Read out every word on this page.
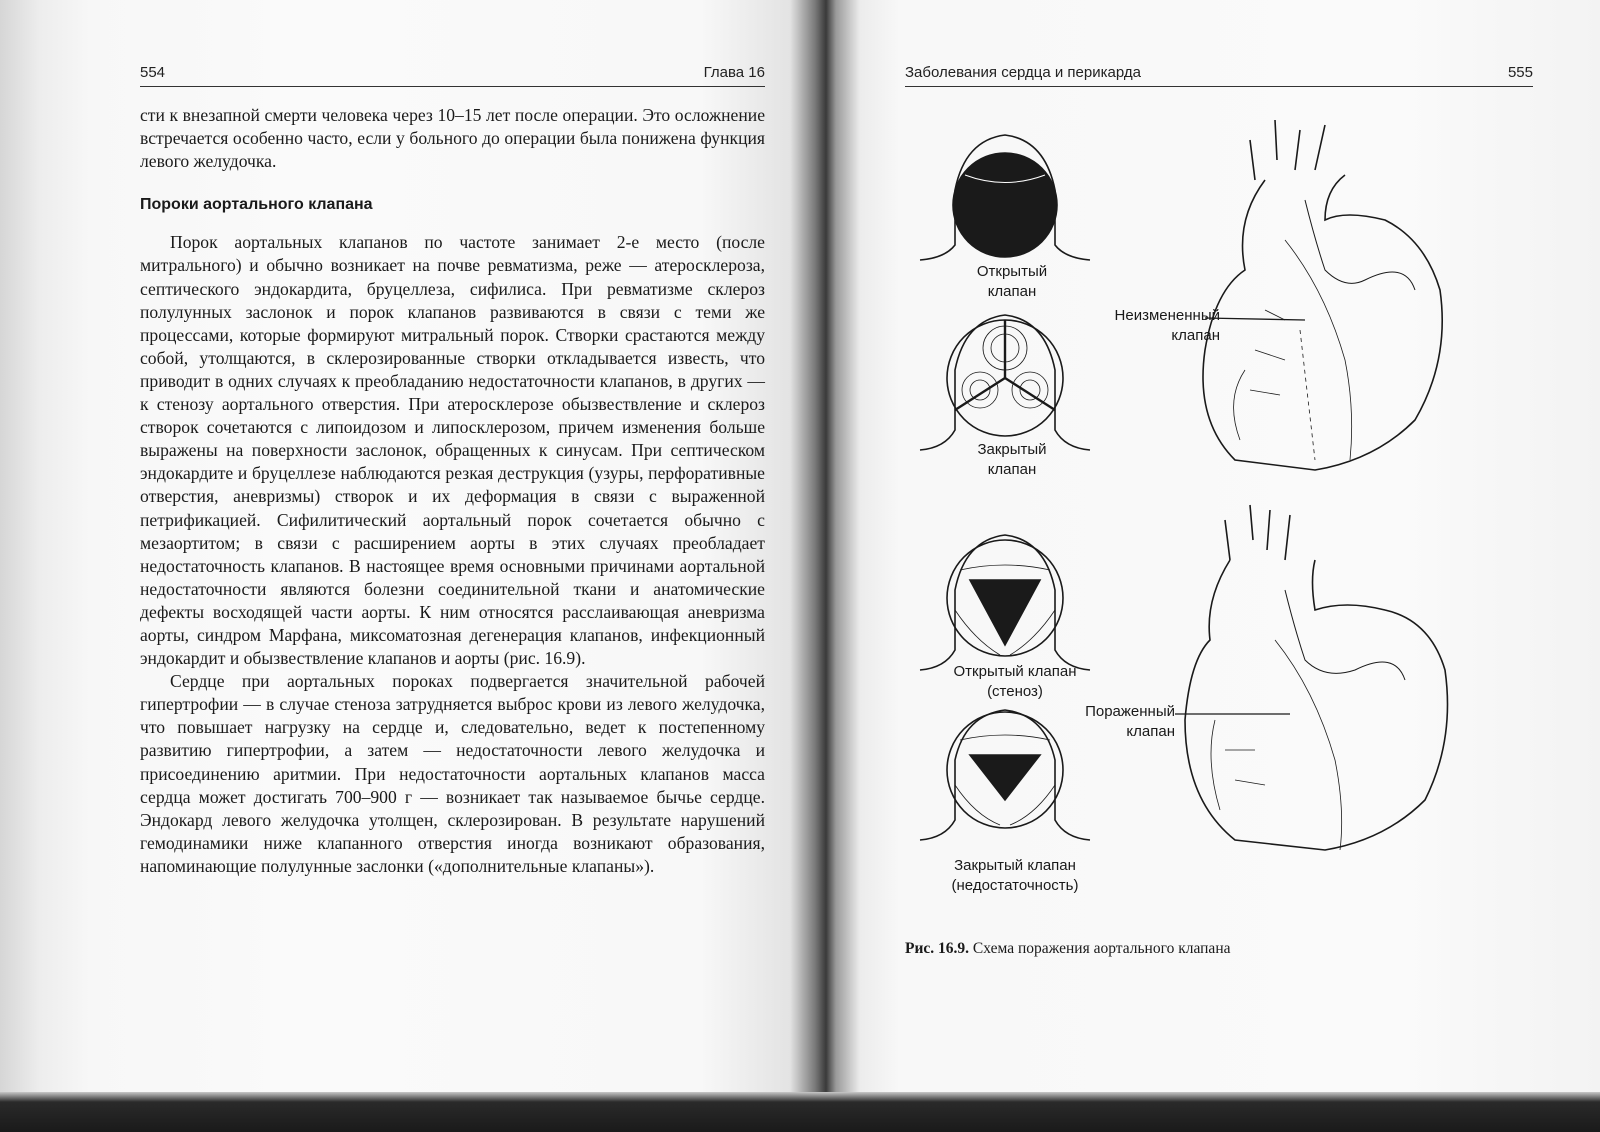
554	Глава 16

сти к внезапной смерти человека через 10–15 лет после операции. Это осложнение встречается особенно часто, если у больного до операции была понижена функция левого желудочка.

Пороки аортального клапана

Порок аортальных клапанов по частоте занимает 2-е место (после митрального) и обычно возникает на почве ревматизма, реже — атеросклероза, септического эндокардита, бруцеллеза, сифилиса. При ревматизме склероз полулунных заслонок и порок клапанов развиваются в связи с теми же процессами, которые формируют митральный порок. Створки срастаются между собой, утолщаются, в склерозированные створки откладывается известь, что приводит в одних случаях к преобладанию недостаточности клапанов, в других — к стенозу аортального отверстия. При атеросклерозе обызвествление и склероз створок сочетаются с липоидозом и липосклерозом, причем изменения больше выражены на поверхности заслонок, обращенных к синусам. При септическом эндокардите и бруцеллезе наблюдаются резкая деструкция (узуры, перфоративные отверстия, аневризмы) створок и их деформация в связи с выраженной петрификацией. Сифилитический аортальный порок сочетается обычно с мезаортитом; в связи с расширением аорты в этих случаях преобладает недостаточность клапанов. В настоящее время основными причинами аортальной недостаточности являются болезни соединительной ткани и анатомические дефекты восходящей части аорты. К ним относятся расслаивающая аневризма аорты, синдром Марфана, миксоматозная дегенерация клапанов, инфекционный эндокардит и обызвествление клапанов и аорты (рис. 16.9).

Сердце при аортальных пороках подвергается значительной рабочей гипертрофии — в случае стеноза затрудняется выброс крови из левого желудочка, что повышает нагрузку на сердце и, следовательно, ведет к постепенному развитию гипертрофии, а затем — недостаточности левого желудочка и присоединению аритмии. При недостаточности аортальных клапанов масса сердца может достигать 700–900 г — возникает так называемое бычье сердце. Эндокард левого желудочка утолщен, склерозирован. В результате нарушений гемодинамики ниже клапанного отверстия иногда возникают образования, напоминающие полулунные заслонки («дополнительные клапаны»).

Заболевания сердца и перикарда	555
Открытый
клапан
Закрытый
клапан
Неизмененный
клапан
Открытый клапан
(стеноз)
Закрытый клапан
(недостаточность)
Пораженный
клапан
Рис. 16.9. Схема поражения аортального клапана
